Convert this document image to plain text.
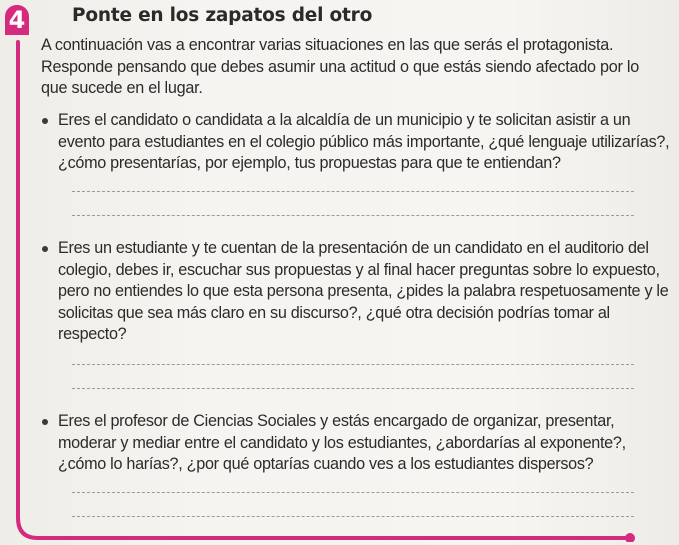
4	Ponte en los zapatos del otro
A continuación vas a encontrar varias situaciones en las que serás el protagonista. Responde pensando que debes asumir una actitud o que estás siendo afectado por lo que sucede en el lugar.
Eres el candidato o candidata a la alcaldía de un municipio y te solicitan asistir a un evento para estudiantes en el colegio público más importante, ¿qué lenguaje utilizarías?, ¿cómo presentarías, por ejemplo, tus propuestas para que te entiendan?
Eres un estudiante y te cuentan de la presentación de un candidato en el auditorio del colegio, debes ir, escuchar sus propuestas y al final hacer preguntas sobre lo expuesto, pero no entiendes lo que esta persona presenta, ¿pides la palabra respetuosamente y le solicitas que sea más claro en su discurso?, ¿qué otra decisión podrías tomar al respecto?
Eres el profesor de Ciencias Sociales y estás encargado de organizar, presentar, moderar y mediar entre el candidato y los estudiantes, ¿abordarías al exponente?, ¿cómo lo harías?, ¿por qué optarías cuando ves a los estudiantes dispersos?
